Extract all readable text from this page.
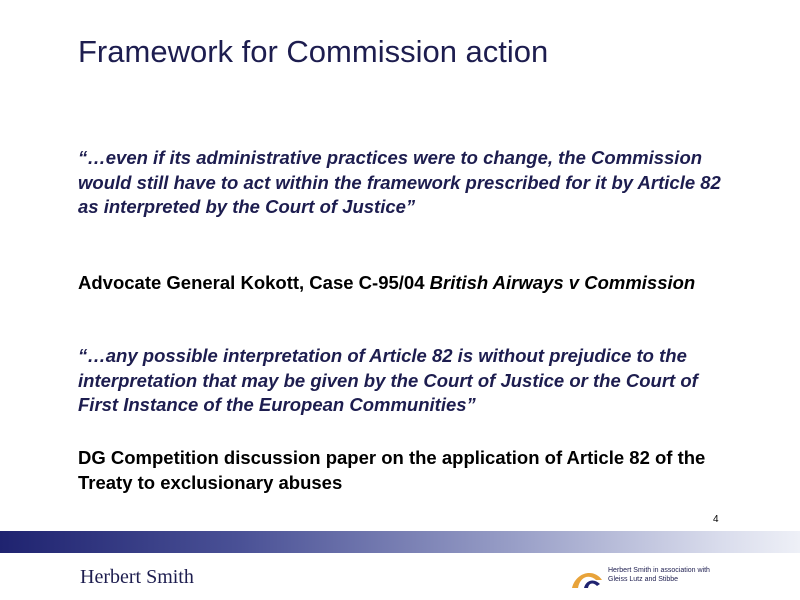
Framework for Commission action

“…even if its administrative practices were to change, the Commission would still have to act within the framework prescribed for it by Article 82 as interpreted by the Court of Justice”

Advocate General Kokott, Case C-95/04 British Airways v Commission

“…any possible interpretation of Article 82 is without prejudice to the interpretation that may be given by the Court of Justice or the Court of First Instance of the European Communities”

DG Competition discussion paper on the application of Article 82 of the Treaty to exclusionary abuses

4
Herbert Smith	Herbert Smith in association with
Gleiss Lutz and Stibbe
